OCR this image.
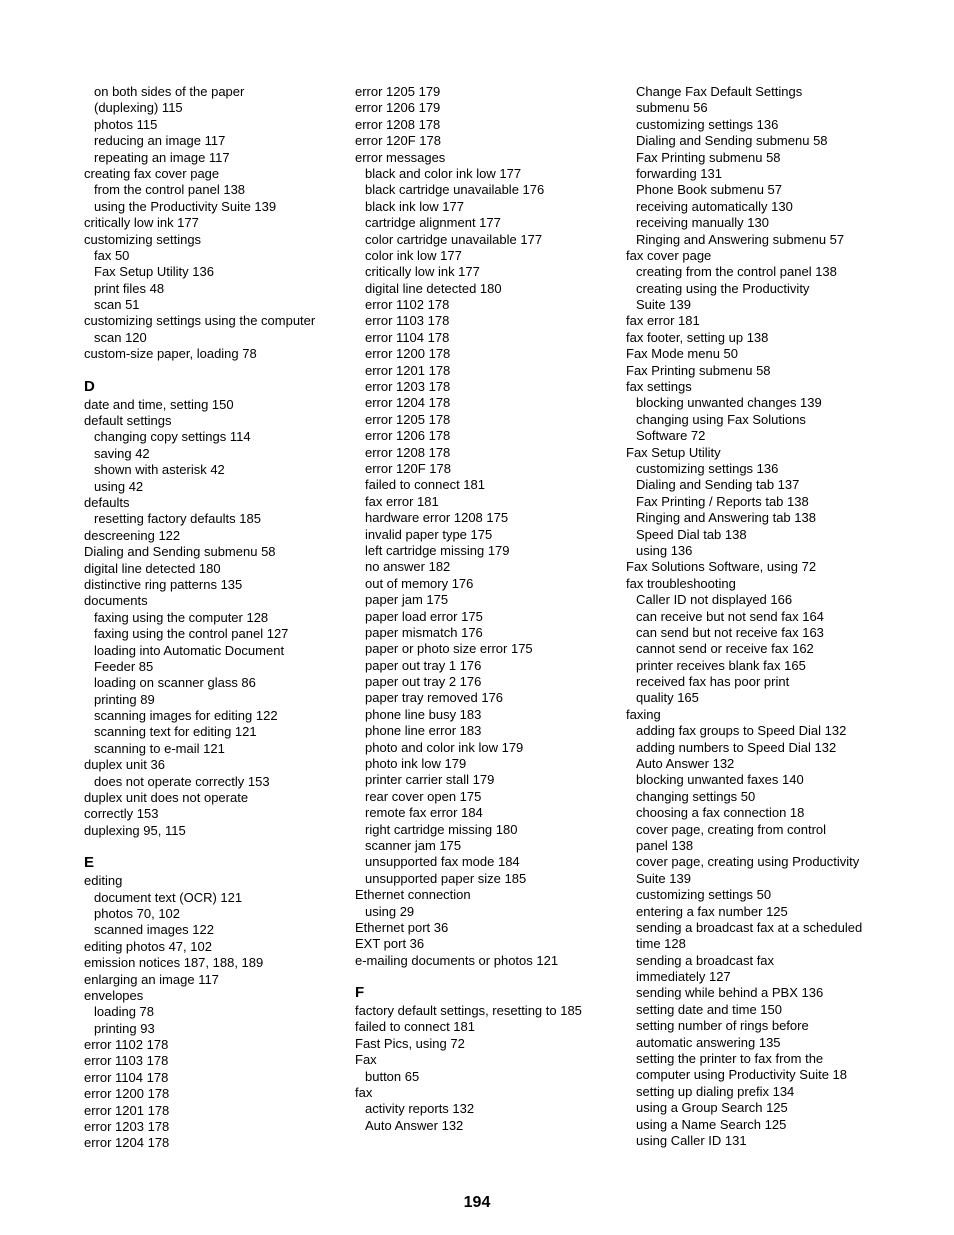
on both sides of the paper
(duplexing) 115
photos 115
reducing an image 117
repeating an image 117
creating fax cover page
from the control panel 138
using the Productivity Suite 139
critically low ink 177
customizing settings
fax 50
Fax Setup Utility 136
print files 48
scan 51
customizing settings using the computer
scan 120
custom-size paper, loading 78
D
date and time, setting 150
default settings
changing copy settings 114
saving 42
shown with asterisk 42
using 42
defaults
resetting factory defaults 185
descreening 122
Dialing and Sending submenu 58
digital line detected 180
distinctive ring patterns 135
documents
faxing using the computer 128
faxing using the control panel 127
loading into Automatic Document
Feeder 85
loading on scanner glass 86
printing 89
scanning images for editing 122
scanning text for editing 121
scanning to e-mail 121
duplex unit 36
does not operate correctly 153
duplex unit does not operate
correctly 153
duplexing 95, 115
E
editing
document text (OCR) 121
photos 70, 102
scanned images 122
editing photos 47, 102
emission notices 187, 188, 189
enlarging an image 117
envelopes
loading 78
printing 93
error 1102 178
error 1103 178
error 1104 178
error 1200 178
error 1201 178
error 1203 178
error 1204 178
error 1205 179
error 1206 179
error 1208 178
error 120F 178
error messages
black and color ink low 177
black cartridge unavailable 176
black ink low 177
cartridge alignment 177
color cartridge unavailable 177
color ink low 177
critically low ink 177
digital line detected 180
error 1102 178
error 1103 178
error 1104 178
error 1200 178
error 1201 178
error 1203 178
error 1204 178
error 1205 178
error 1206 178
error 1208 178
error 120F 178
failed to connect 181
fax error 181
hardware error 1208 175
invalid paper type 175
left cartridge missing 179
no answer 182
out of memory 176
paper jam 175
paper load error 175
paper mismatch 176
paper or photo size error 175
paper out tray 1 176
paper out tray 2 176
paper tray removed 176
phone line busy 183
phone line error 183
photo and color ink low 179
photo ink low 179
printer carrier stall 179
rear cover open 175
remote fax error 184
right cartridge missing 180
scanner jam 175
unsupported fax mode 184
unsupported paper size 185
Ethernet connection
using 29
Ethernet port 36
EXT port 36
e-mailing documents or photos 121
F
factory default settings, resetting to 185
failed to connect 181
Fast Pics, using 72
Fax
button 65
fax
activity reports 132
Auto Answer 132
Change Fax Default Settings
submenu 56
customizing settings 136
Dialing and Sending submenu 58
Fax Printing submenu 58
forwarding 131
Phone Book submenu 57
receiving automatically 130
receiving manually 130
Ringing and Answering submenu 57
fax cover page
creating from the control panel 138
creating using the Productivity
Suite 139
fax error 181
fax footer, setting up 138
Fax Mode menu 50
Fax Printing submenu 58
fax settings
blocking unwanted changes 139
changing using Fax Solutions
Software 72
Fax Setup Utility
customizing settings 136
Dialing and Sending tab 137
Fax Printing / Reports tab 138
Ringing and Answering tab 138
Speed Dial tab 138
using 136
Fax Solutions Software, using 72
fax troubleshooting
Caller ID not displayed 166
can receive but not send fax 164
can send but not receive fax 163
cannot send or receive fax 162
printer receives blank fax 165
received fax has poor print
quality 165
faxing
adding fax groups to Speed Dial 132
adding numbers to Speed Dial 132
Auto Answer 132
blocking unwanted faxes 140
changing settings 50
choosing a fax connection 18
cover page, creating from control
panel 138
cover page, creating using Productivity
Suite 139
customizing settings 50
entering a fax number 125
sending a broadcast fax at a scheduled
time 128
sending a broadcast fax
immediately 127
sending while behind a PBX 136
setting date and time 150
setting number of rings before
automatic answering 135
setting the printer to fax from the
computer using Productivity Suite 18
setting up dialing prefix 134
using a Group Search 125
using a Name Search 125
using Caller ID 131
194
